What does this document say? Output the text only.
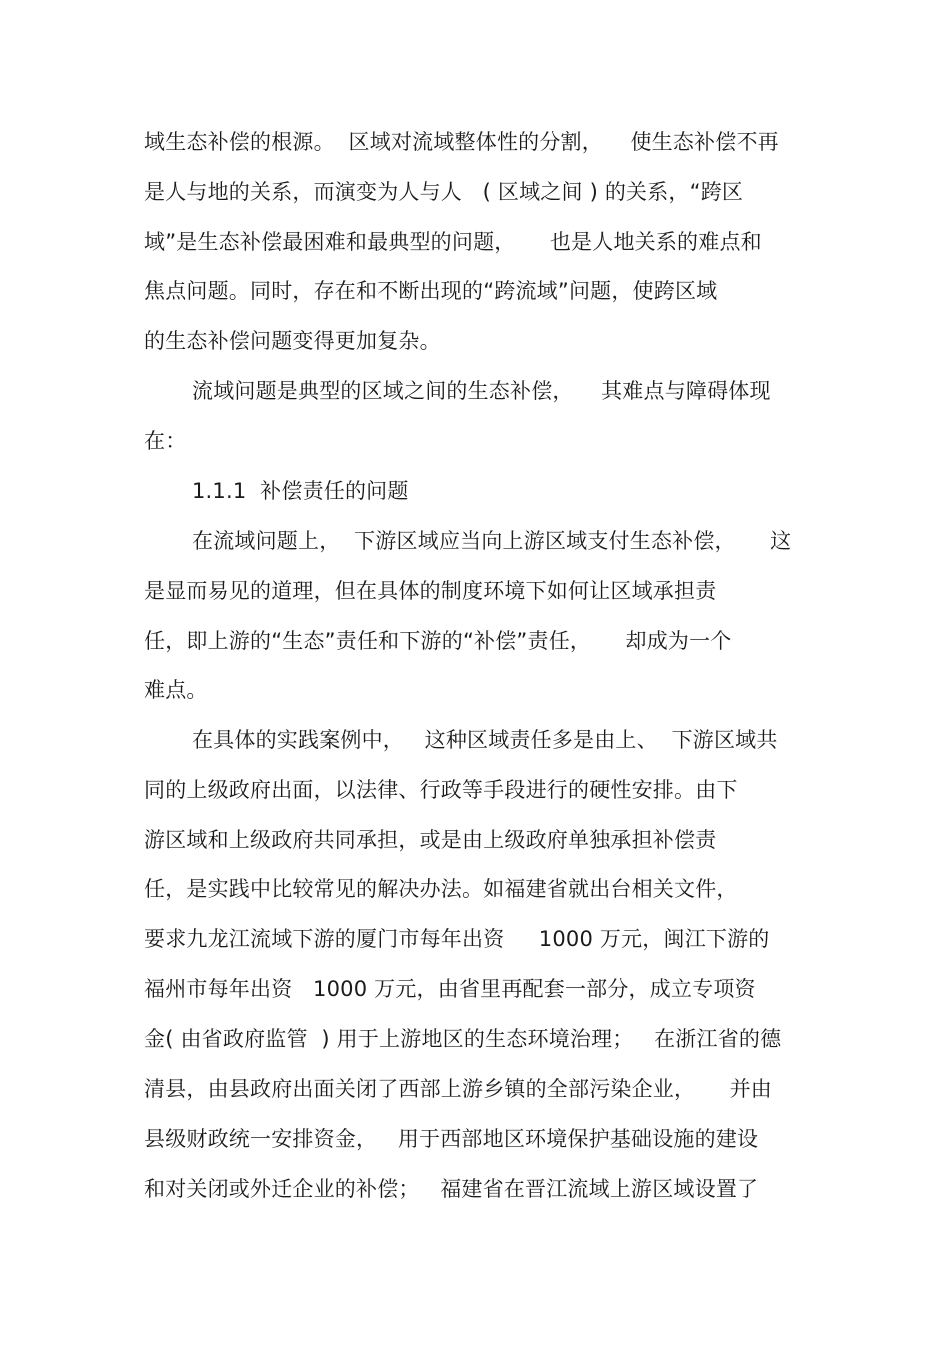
域生态补偿的根源。  区域对流域整体性的分割，    使生态补偿不再
是人与地的关系，而演变为人与人   ( 区域之间 ) 的关系，“跨区
域”是生态补偿最困难和最典型的问题，     也是人地关系的难点和
焦点问题。同时，存在和不断出现的“跨流域”问题，使跨区域
的生态补偿问题变得更加复杂。
流域问题是典型的区域之间的生态补偿，    其难点与障碍体现
在：
1.1.1  补偿责任的问题
在流域问题上，  下游区域应当向上游区域支付生态补偿，     这
是显而易见的道理，但在具体的制度环境下如何让区域承担责
任，即上游的“生态”责任和下游的“补偿”责任，     却成为一个
难点。
在具体的实践案例中，   这种区域责任多是由上、  下游区域共
同的上级政府出面，以法律、行政等手段进行的硬性安排。由下
游区域和上级政府共同承担，或是由上级政府单独承担补偿责
任，是实践中比较常见的解决办法。如福建省就出台相关文件，
要求九龙江流域下游的厦门市每年出资     1000 万元，闽江下游的
福州市每年出资   1000 万元，由省里再配套一部分，成立专项资
金( 由省政府监管  ) 用于上游地区的生态环境治理；   在浙江省的德
清县，由县政府出面关闭了西部上游乡镇的全部污染企业，     并由
县级财政统一安排资金，   用于西部地区环境保护基础设施的建设
和对关闭或外迁企业的补偿；   福建省在晋江流域上游区域设置了
